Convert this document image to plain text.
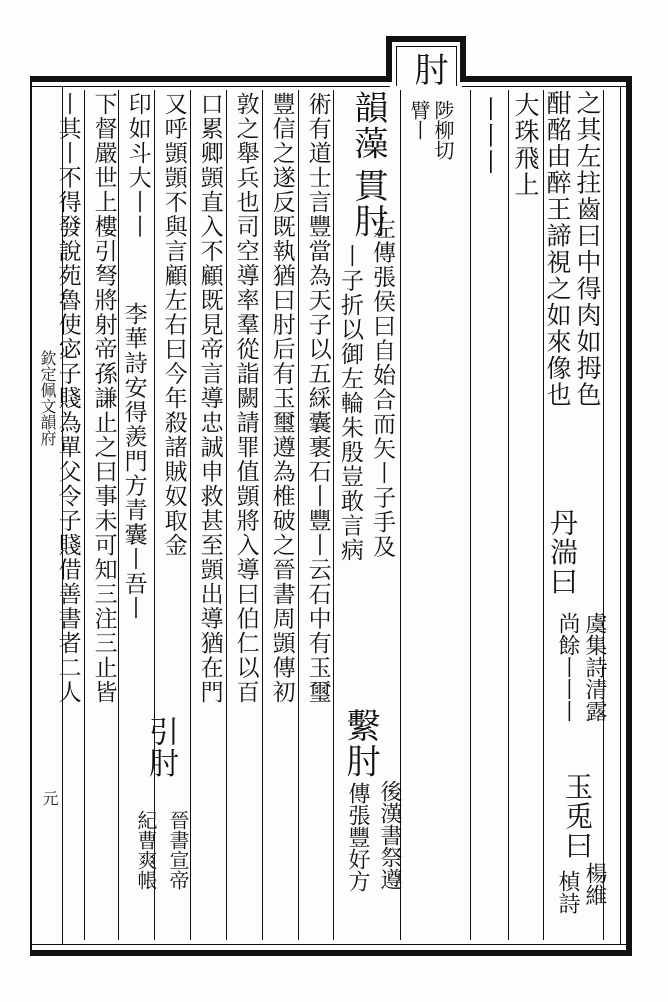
肘
陟柳切
臂丨	之其左拄齒曰中得肉如拇色
酣酩由醉王諦視之如來像也
丹湍曰
虞集詩清露
尚餘丨丨丨
玉兎曰
楊維
楨詩
大珠飛上
丨丨丨
韻藻
貫肘
左傳張侯曰自始合而矢丨子手及
丨子折以御左輪朱殷豈敢言病
繫肘
後漢書祭遵
傳張豐好方
術有道士言豐當為天子以五綵囊裹石丨豐丨云石中有玉璽
豐信之遂反既執猶曰肘后有玉璽遵為椎破之晉書周顗傳初
敦之舉兵也司空導率羣從詣闕請罪值顗將入導曰伯仁以百
口累卿顗直入不顧既見帝言導忠誠申救甚至顗出導猶在門
又呼顗顗不與言顧左右曰今年殺諸賊奴取金
引肘
晉書宣帝
紀曹爽帳
印如斗大丨丨
李華詩安得羨門方青囊丨吾丨
下督嚴世上樓引弩將射帝孫謙止之曰事未可知三注三止皆
丨其丨不得發說苑魯使宓子賤為單父令子賤借善書者二人
欽定佩文韻府
元
